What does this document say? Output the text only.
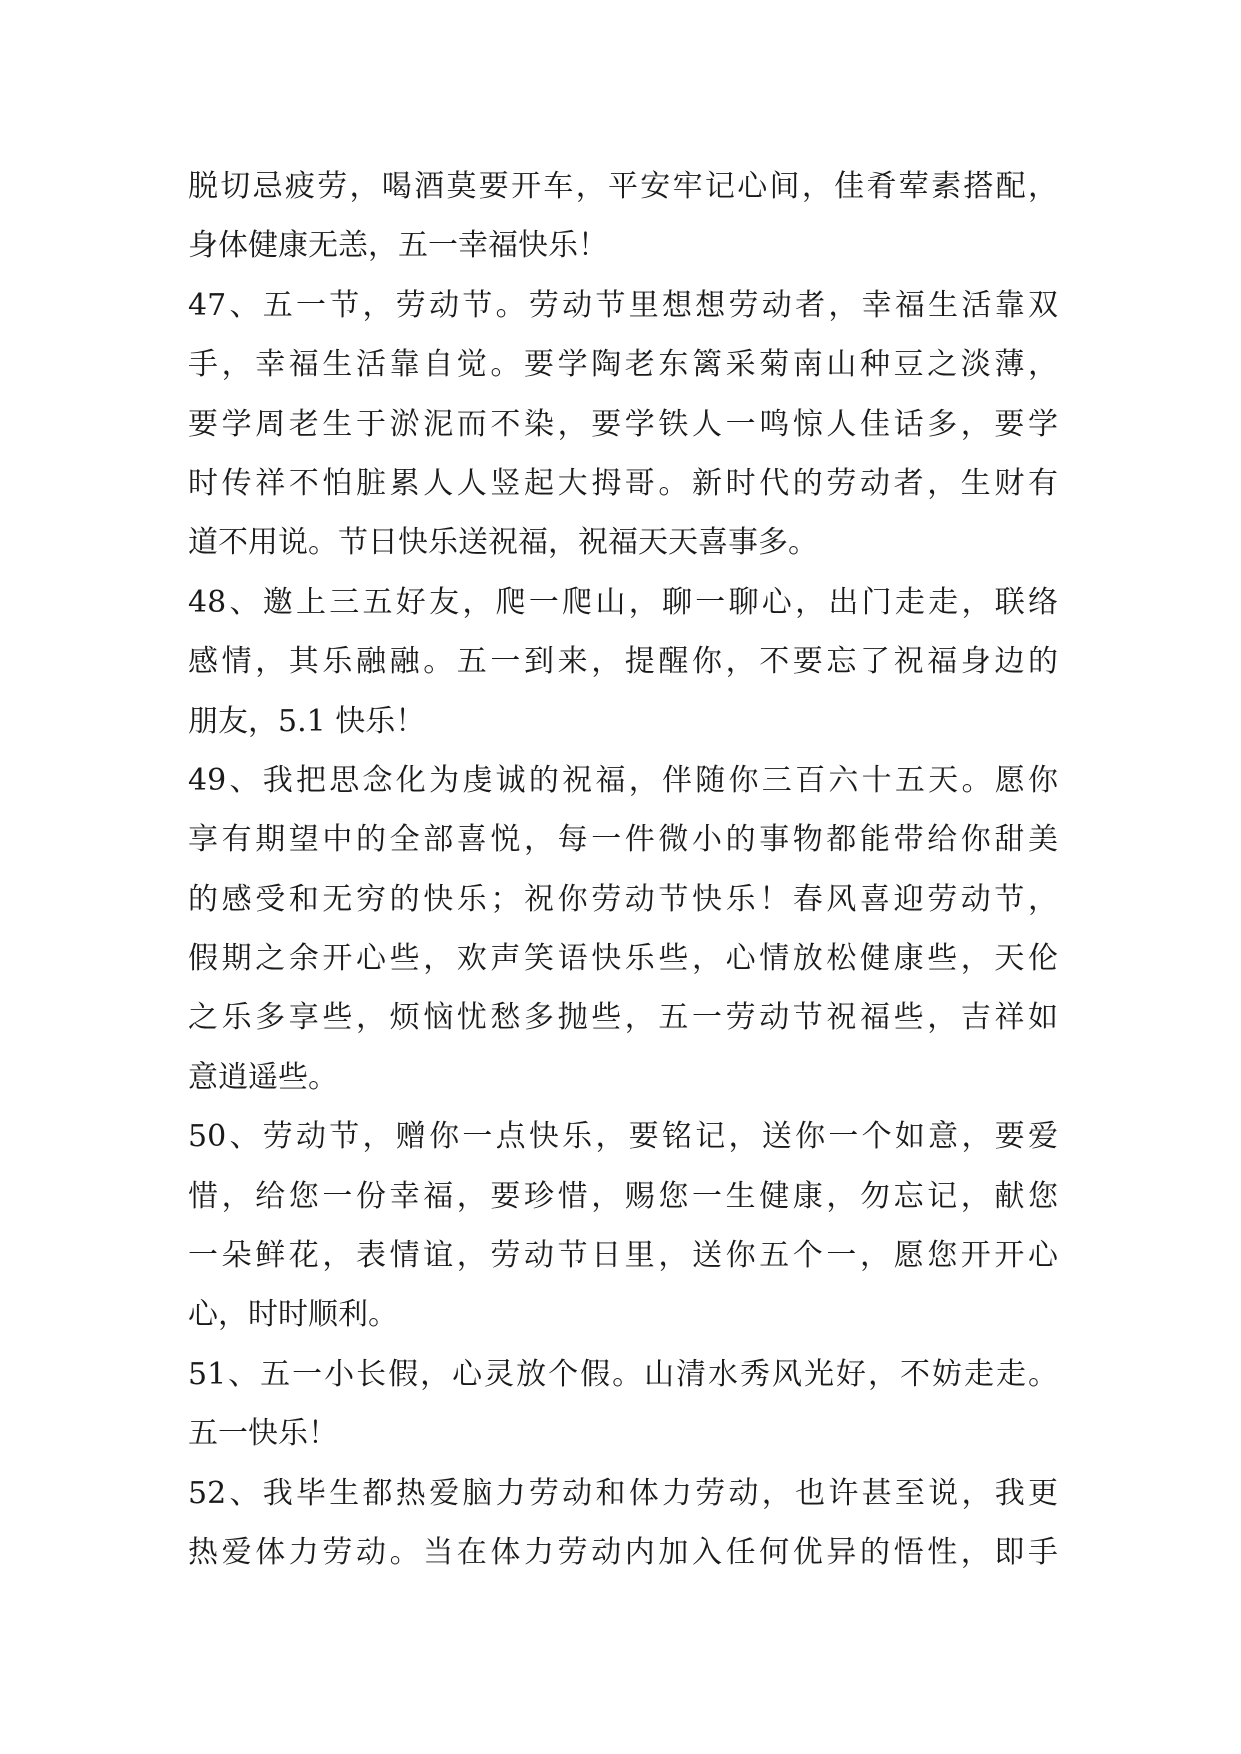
脱切忌疲劳，喝酒莫要开车，平安牢记心间，佳肴荤素搭配，
身体健康无恙，五一幸福快乐！
47、五一节，劳动节。劳动节里想想劳动者，幸福生活靠双
手，幸福生活靠自觉。要学陶老东篱采菊南山种豆之淡薄，
要学周老生于淤泥而不染，要学铁人一鸣惊人佳话多，要学
时传祥不怕脏累人人竖起大拇哥。新时代的劳动者，生财有
道不用说。节日快乐送祝福，祝福天天喜事多。
48、邀上三五好友，爬一爬山，聊一聊心，出门走走，联络
感情，其乐融融。五一到来，提醒你，不要忘了祝福身边的
朋友，5.1 快乐！
49、我把思念化为虔诚的祝福，伴随你三百六十五天。愿你
享有期望中的全部喜悦，每一件微小的事物都能带给你甜美
的感受和无穷的快乐；祝你劳动节快乐！春风喜迎劳动节，
假期之余开心些，欢声笑语快乐些，心情放松健康些，天伦
之乐多享些，烦恼忧愁多抛些，五一劳动节祝福些，吉祥如
意逍遥些。
50、劳动节，赠你一点快乐，要铭记，送你一个如意，要爱
惜，给您一份幸福，要珍惜，赐您一生健康，勿忘记，献您
一朵鲜花，表情谊，劳动节日里，送你五个一，愿您开开心
心，时时顺利。
51、五一小长假，心灵放个假。山清水秀风光好，不妨走走。
五一快乐！
52、我毕生都热爱脑力劳动和体力劳动，也许甚至说，我更
热爱体力劳动。当在体力劳动内加入任何优异的悟性，即手
